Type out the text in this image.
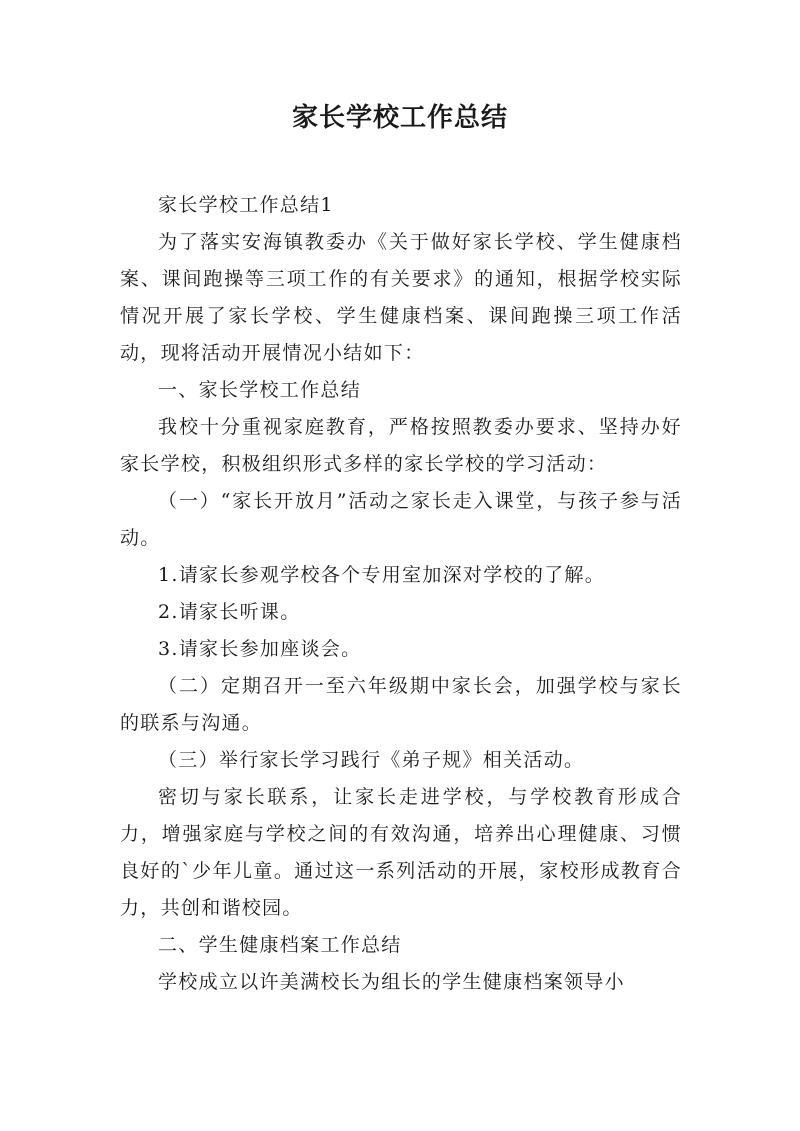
家长学校工作总结

家长学校工作总结1

为了落实安海镇教委办《关于做好家长学校、学生健康档案、课间跑操等三项工作的有关要求》的通知，根据学校实际情况开展了家长学校、学生健康档案、课间跑操三项工作活动，现将活动开展情况小结如下：

一、家长学校工作总结

我校十分重视家庭教育，严格按照教委办要求、坚持办好家长学校，积极组织形式多样的家长学校的学习活动：

（一）“家长开放月”活动之家长走入课堂，与孩子参与活动。

1.请家长参观学校各个专用室加深对学校的了解。

2.请家长听课。

3.请家长参加座谈会。

（二）定期召开一至六年级期中家长会，加强学校与家长的联系与沟通。

（三）举行家长学习践行《弟子规》相关活动。

密切与家长联系，让家长走进学校，与学校教育形成合力，增强家庭与学校之间的有效沟通，培养出心理健康、习惯良好的`少年儿童。通过这一系列活动的开展，家校形成教育合力，共创和谐校园。

二、学生健康档案工作总结

学校成立以许美满校长为组长的学生健康档案领导小
